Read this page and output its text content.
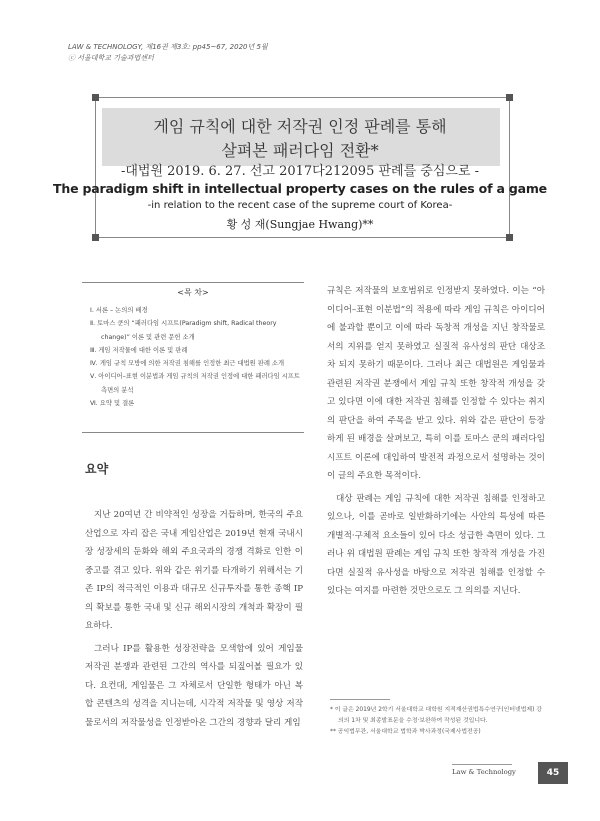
LAW & TECHNOLOGY, 제16권 제3호: pp45~67, 2020년 5월
ⓒ 서울대학교 기술과법센터
게임 규칙에 대한 저작권 인정 판례를 통해
살펴본 패러다임 전환*
-대법원 2019. 6. 27. 선고 2017다212095 판례를 중심으로 -
The paradigm shift in intellectual property cases on the rules of a game
-in relation to the recent case of the supreme court of Korea-
황 성 재(Sungjae Hwang)**
<목 차>
Ⅰ. 서론 – 논의의 배경
Ⅱ. 토마스 쿤의 “패러다임 시프트(Paradigm shift, Radical theory change)” 이론 및 관련 문헌 소개
Ⅲ. 게임 저작물에 대한 이론 및 판례
Ⅳ. 게임 규칙 모방에 의한 저작권 침해를 인정한 최근 대법원 판례 소개
Ⅴ. 아이디어–표현 이분법과 게임 규칙의 저작권 인정에 대한 패러다임 시프트 측면의 분석
Ⅵ. 요약 및 결론
요약

지난 20여년 간 비약적인 성장을 거듭하며, 한국의 주요 산업으로 자리 잡은 국내 게임산업은 2019년 현재 국내시장 성장세의 둔화와 해외 주요국과의 경쟁 격화로 인한 이중고를 겪고 있다. 위와 같은 위기를 타개하기 위해서는 기존 IP의 적극적인 이용과 대규모 신규투자를 통한 종핵 IP의 확보를 통한 국내 및 신규 해외시장의 개척과 확장이 필요하다.

그러나 IP를 활용한 성장전략을 모색함에 있어 게임물 저작권 분쟁과 관련된 그간의 역사를 되짚어볼 필요가 있다. 요컨대, 게임물은 그 자체로서 단일한 형태가 아닌 복합 콘텐츠의 성격을 지니는데, 시각적 저작물 및 영상 저작물로서의 저작물성을 인정받아온 그간의 경향과 달리 게임

규칙은 저작물의 보호범위로 인정받지 못하였다. 이는 “아이디어–표현 이분법”의 적용에 따라 게임 규칙은 아이디어에 불과할 뿐이고 이에 따라 독창적 개성을 지닌 창작물로서의 지위를 얻지 못하였고 실질적 유사성의 판단 대상조차 되지 못하기 때문이다. 그러나 최근 대법원은 게임물과 관련된 저작권 분쟁에서 게임 규칙 또한 창작적 개성을 갖고 있다면 이에 대한 저작권 침해를 인정할 수 있다는 취지의 판단을 하여 주목을 받고 있다. 위와 같은 판단이 등장하게 된 배경을 살펴보고, 특히 이를 토마스 쿤의 패러다임 시프트 이론에 대입하여 발전적 과정으로서 설명하는 것이 이 글의 주요한 목적이다.

대상 판례는 게임 규칙에 대한 저작권 침해를 인정하고 있으나, 이를 곧바로 일반화하기에는 사안의 특성에 따른 개별적·구체적 요소들이 있어 다소 성급한 측면이 있다. 그러나 위 대법원 판례는 게임 규칙 또한 창작적 개성을 가진다면 실질적 유사성을 바탕으로 저작권 침해를 인정할 수 있다는 여지를 마련한 것만으로도 그 의의를 지닌다.

* 이 글은 2019년 2학기 서울대학교 대학원 지적재산권법특수연구(인터넷법제) 강의의 1차 및 최종발표문을 수정·보완하여 작성된 것입니다.
** 공익법무관, 서울대학교 법학과 박사과정(국제사법전공)
Law & Technology	45
